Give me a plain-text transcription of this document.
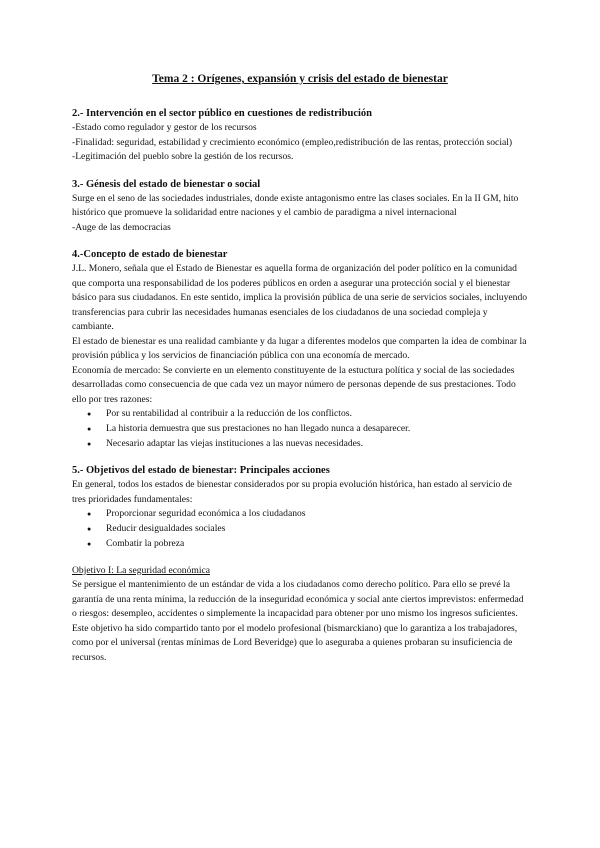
Tema 2 : Orígenes, expansión y crisis del estado de bienestar
2.- Intervención en el sector público en cuestiones de redistribución

-Estado como regulador y gestor de los recursos

-Finalidad: seguridad, estabilidad y crecimiento económico (empleo,redistribución de las rentas, protección social)

-Legitimación del pueblo sobre la gestión de los recursos.

3.- Génesis del estado de bienestar o social

Surge en el seno de las sociedades industriales, donde existe antagonismo entre las clases sociales. En la II GM, hito histórico que promueve la solidaridad entre naciones y el cambio de paradigma a nivel internacional

-Auge de las democracias

4.-Concepto de estado de bienestar

J.L. Monero, señala que el Estado de Bienestar es aquella forma de organización del poder político en la comunidad que comporta una responsabilidad de los poderes públicos en orden a asegurar una protección social y el bienestar básico para sus ciudadanos. En este sentido, implica la provisión pública de una serie de servicios sociales, incluyendo transferencias para cubrir las necesidades humanas esenciales de los ciudadanos de una sociedad compleja y cambiante.

El estado de bienestar es una realidad cambiante y da lugar a diferentes modelos que comparten la idea de combinar la provisión pública y los servicios de financiación pública con una economía de mercado.

Economía de mercado: Se convierte en un elemento constituyente de la estuctura política y social de las sociedades desarrolladas como consecuencia de que cada vez un mayor número de personas depende de sus prestaciones. Todo ello por tres razones:

● Por su rentabilidad al contribuir a la reducción de los conflictos.
● La historia demuestra que sus prestaciones no han llegado nunca a desaparecer.
● Necesario adaptar las viejas instituciones a las nuevas necesidades.
5.- Objetivos del estado de bienestar: Principales acciones

En general, todos los estados de bienestar considerados por su propia evolución histórica, han estado al servicio de tres prioridades fundamentales:

● Proporcionar seguridad económica a los ciudadanos
● Reducir desigualdades sociales
● Combatir la pobreza

Objetivo I: La seguridad económica

Se persigue el mantenimiento de un estándar de vida a los ciudadanos como derecho político. Para ello se prevé la garantía de una renta mínima, la reducción de la inseguridad económica y social ante ciertos imprevistos: enfermedad o riesgos: desempleo, accidentes o simplemente la incapacidad para obtener por uno mismo los ingresos suficientes.

Este objetivo ha sido compartido tanto por el modelo profesional (bismarckiano) que lo garantiza a los trabajadores, como por el universal (rentas mínimas de Lord Beveridge) que lo aseguraba a quienes probaran su insuficiencia de recursos.
